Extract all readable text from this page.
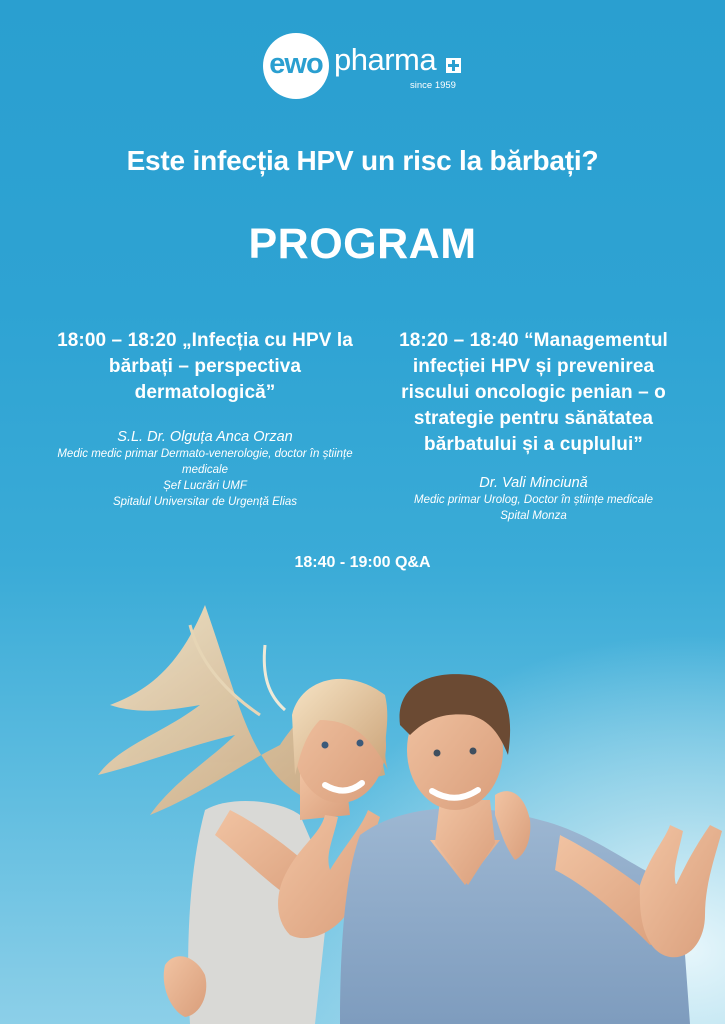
ewo pharma
since 1959
Este infecția HPV un risc la bărbați?
PROGRAM
18:00 – 18:20 „Infecția cu HPV la bărbați – perspectiva dermatologică”
S.L. Dr. Olguța Anca Orzan

Medic medic primar Dermato-venerologie, doctor în științe medicale

Șef Lucrări UMF

Spitalul Universitar de Urgență Elias

18:20 – 18:40 “Managementul infecției HPV și prevenirea riscului oncologic penian – o strategie pentru sănătatea bărbatului și a cuplului”
Dr. Vali Minciună

Medic primar Urolog, Doctor în științe medicale

Spital Monza

18:40 - 19:00 Q&A
